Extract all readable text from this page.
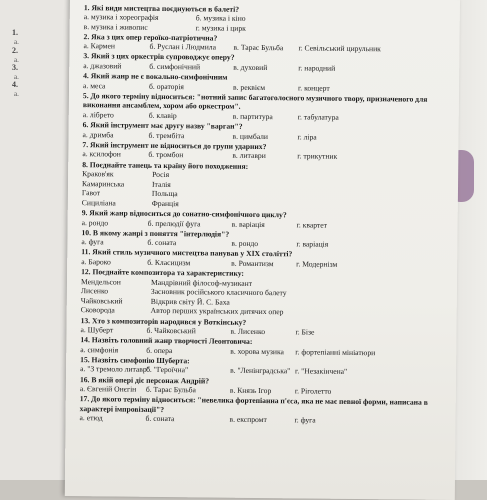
1.
2.
3.
4.
а.
а.
а.
а.
1. Які види мистецтва поєднуються в балеті?
а. музика і хореографія	б. музика і кіно
в. музика і живопис	г. музика і цирк
2. Яка з цих опер героїко-патріотична?
а. Кармен	б. Руслан і Людмила в. Тарас Бульба г. Севільський цирульник
3. Який з цих оркестрів супроводжує оперу?
а. джазовий	б. симфонічний	в. духовий	г. народний
4. Який жанр не є вокально-симфонічним
а. меса	б. ораторія	в. реквієм	г. концерт
5. До якого терміну відноситься: "нотний запис багатоголосного музичного твору, призначеного для виконання ансамблем, хором або оркестром".
а. лібрето	б. клавір	в. партитура	г. табулатура
6. Який інструмент має другу назву "варган"?
а. дримба	б. трембіта	в. цимбали	г. ліра
7. Який інструмент не відноситься до групи ударних?
а. ксилофон	б. тромбон	в. литаври	г. трикутник
8. Поєднайте танець та країну його походження:
Краков'як	Росія
Камаринська	Італія
Гавот	Польща
Сицилiана	Франція
9. Який жанр відноситься до сонатно-симфонічного циклу?
а. рондо	б. прелюдії фуга	в. варіація	г. квартет
10. В якому жанрі з поняття "інтерлюдія"?
а. фуга	б. соната	в. рондо	г. варіація
11. Який стиль музичного мистецтва панував у XIX столітті?
а. Бароко	б. Класицизм	в. Романтизм	г. Модернізм
12. Поєднайте композитора та характеристику:
Мендельсон	Мандрівний філософ-музикант
Лисенко	Засновник російського класичного балету
Чайковський	Відкрив світу Й. С. Баха
Сковорода	Автор перших українських дитячих опер
13. Хто з композиторів народився у Воткінську?
а. Шуберт	б. Чайковський	в. Лисенко	г. Бізе
14. Назвіть головний жанр творчості Леонтовича:
а. симфонія	б. опера	в. хорова музика г. фортепіанні мініатюри
15. Назвіть симфонію Шуберта:
а. "З тремоло литавр"
б. "Героїчна"	в. "Ленінградська" г. "Незакінчена"
16. В якій опері діє персонаж Андрій?
а. Євгеній Онєгін б. Тарас Бульба	в. Князь Ігор	г. Ріголетто
17. До якого терміну відноситься: "невелика фортепіанна п'єса, яка не має певної форми, написана в характері імпровізації"?
а. етюд	б. соната	в. експромт	г. фуга
